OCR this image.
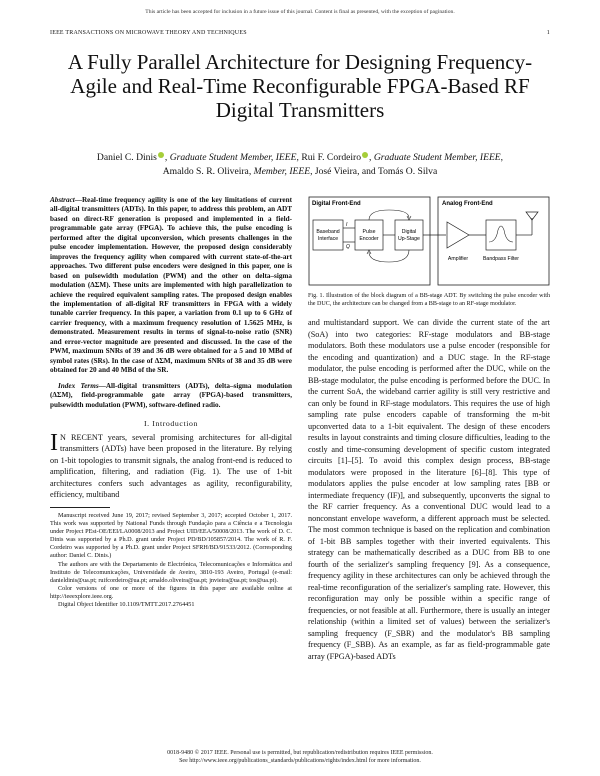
This article has been accepted for inclusion in a future issue of this journal. Content is final as presented, with the exception of pagination.
IEEE TRANSACTIONS ON MICROWAVE THEORY AND TECHNIQUES	1
A Fully Parallel Architecture for Designing Frequency-Agile and Real-Time Reconfigurable FPGA-Based RF Digital Transmitters
Daniel C. Dinis , Graduate Student Member, IEEE, Rui F. Cordeiro , Graduate Student Member, IEEE,
Amaldo S. R. Oliveira, Member, IEEE, José Vieira, and Tomás O. Silva

Abstract—Real-time frequency agility is one of the key limitations of current all-digital transmitters (ADTs). In this paper, to address this problem, an ADT based on direct-RF generation is proposed and implemented in a field-programmable gate array (FPGA). To achieve this, the pulse encoding is performed after the digital upconversion, which presents challenges in the pulse encoder implementation. However, the proposed design considerably improves the frequency agility when compared with current state-of-the-art approaches. Two different pulse encoders were designed in this paper, one is based on pulsewidth modulation (PWM) and the other on delta–sigma modulation (ΔΣM). These units are implemented with high parallelization to achieve the required equivalent sampling rates. The proposed design enables the implementation of all-digital RF transmitters in FPGA with a widely tunable carrier frequency. In this paper, a variation from 0.1 up to 6 GHz of carrier frequency, with a maximum frequency resolution of 1.5625 MHz, is demonstrated. Measurement results in terms of signal-to-noise ratio (SNR) and error-vector magnitude are presented and discussed. In the case of the PWM, maximum SNRs of 39 and 36 dB were obtained for a 5 and 10 MBd of symbol rates (SRs). In the case of ΔΣM, maximum SNRs of 38 and 35 dB were obtained for 20 and 40 MBd of the SR.

Index Terms—All-digital transmitters (ADTs), delta–sigma modulation (ΔΣM), field-programmable gate array (FPGA)-based transmitters, pulsewidth modulation (PWM), software-defined radio.

I. Introduction

I N RECENT years, several promising architectures for all-digital transmitters (ADTs) have been proposed in the literature. By relying on 1-bit topologies to transmit signals, the analog front-end is reduced to amplification, filtering, and radiation (Fig. 1). The use of 1-bit architectures confers such advantages as agility, reconfigurability, efficiency, multiband

Manuscript received June 19, 2017; revised September 3, 2017; accepted October 1, 2017. This work was supported by National Funds through Fundação para a Ciência e a Tecnologia under Project PEst-OE/EEI/LA0008/2013 and Project UID/EEA/50008/2013. The work of D. C. Dinis was supported by a Ph.D. grant under Project PD/BD/105857/2014. The work of R. F. Cordeiro was supported by a Ph.D. grant under Project SFRH/BD/91533/2012. (Corresponding author: Daniel C. Dinis.)

The authors are with the Departamento de Electrónica, Telecomunicações e Informática and Instituto de Telecomunicações, Universidade de Aveiro, 3810-193 Aveiro, Portugal (e-mail: danieldinis@ua.pt; ruifcordeiro@ua.pt; arnaldo.oliveira@ua.pt; jnvieira@ua.pt; tos@ua.pt).

Color versions of one or more of the figures in this paper are available online at http://ieeexplore.ieee.org.

Digital Object Identifier 10.1109/TMTT.2017.2764451

Digital Front-End
Baseband
Interface
I
Q
Pulse
Encoder
Digital
Up-Stage
Analog Front-End
Amplifier	Bandpass Filter

Fig. 1. Illustration of the block diagram of a BB-stage ADT. By switching the pulse encoder with the DUC, the architecture can be changed from a BB-stage to an RF-stage modulator.

and multistandard support. We can divide the current state of the art (SoA) into two categories: RF-stage modulators and BB-stage modulators. Both these modulators use a pulse encoder (responsible for the encoding and quantization) and a DUC stage. In the RF-stage modulator, the pulse encoding is performed after the DUC, while on the BB-stage modulator, the pulse encoding is performed before the DUC. In the current SoA, the wideband carrier agility is still very restrictive and can only be found in RF-stage modulators. This requires the use of high sampling rate pulse encoders capable of transforming the m-bit upconverted data to a 1-bit equivalent. The design of these encoders results in layout constraints and timing closure difficulties, leading to the costly and time-consuming development of specific custom integrated circuits [1]–[5]. To avoid this complex design process, BB-stage modulators were proposed in the literature [6]–[8]. This type of modulators applies the pulse encoder at low sampling rates [BB or intermediate frequency (IF)], and subsequently, upconverts the signal to the RF carrier frequency. As a conventional DUC would lead to a nonconstant envelope waveform, a different approach must be selected. The most common technique is based on the replication and combination of 1-bit BB samples together with their inverted equivalents. This strategy can be mathematically described as a DUC from BB to one fourth of the serializer's sampling frequency [9]. As a consequence, frequency agility in these architectures can only be achieved through the real-time reconfiguration of the serializer's sampling rate. However, this reconfiguration may only be possible within a specific range of frequencies, or not feasible at all. Furthermore, there is usually an integer relationship (within a limited set of values) between the serializer's sampling frequency (F_SBR) and the modulator's BB sampling frequency (F_SBB). As an example, as far as field-programmable gate array (FPGA)-based ADTs

0018-9480 © 2017 IEEE. Personal use is permitted, but republication/redistribution requires IEEE permission.
See http://www.ieee.org/publications_standards/publications/rights/index.html for more information.
